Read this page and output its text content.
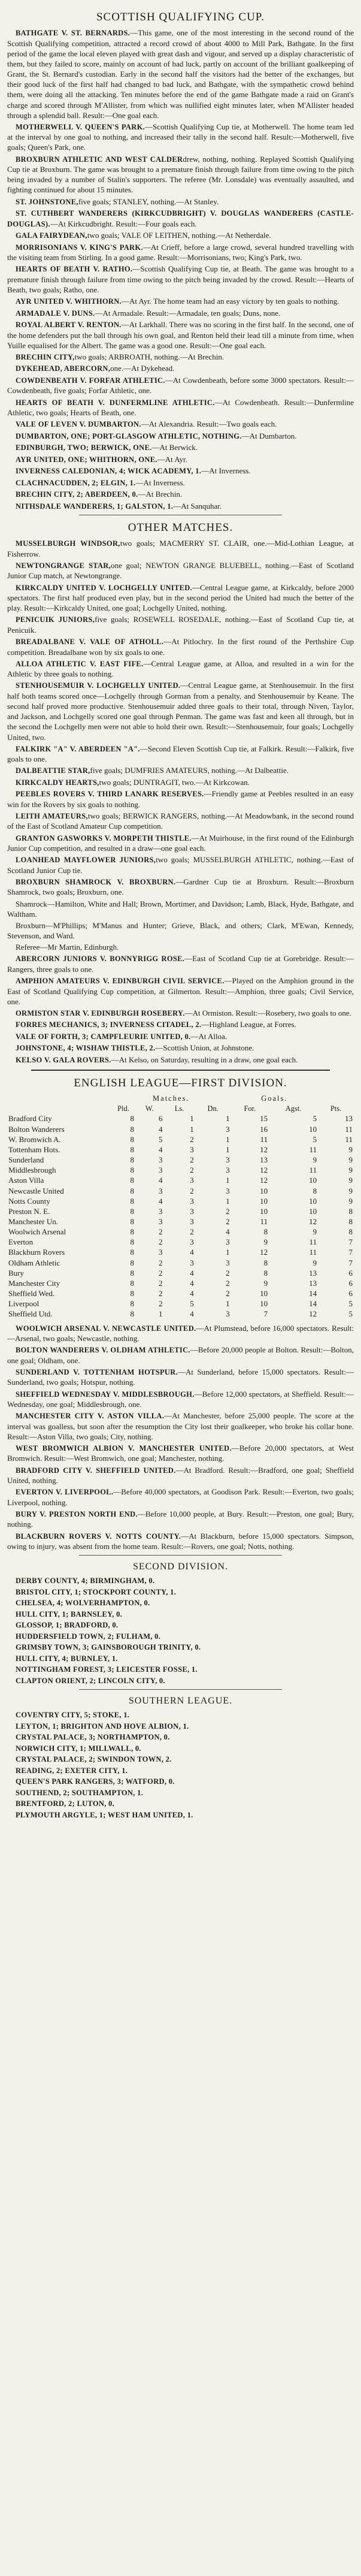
SCOTTISH QUALIFYING CUP.

BATHGATE V. ST. BERNARDS.—This game, one of the most interesting in the second round of the Scottish Qualifying competition, attracted a record crowd of about 4000 to Mill Park, Bathgate. In the first period of the game the local eleven played with great dash and vigour, and served up a display characteristic of them, but they failed to score, mainly on account of bad luck, partly on account of the brilliant goalkeeping of Grant, the St. Bernard's custodian. Early in the second half the visitors had the better of the exchanges, but their good luck of the first half had changed to bad luck, and Bathgate, with the sympathetic crowd behind them, were doing all the attacking. Ten minutes before the end of the game Bathgate made a raid on Grant's charge and scored through M'Allister, from which was nullified eight minutes later, when M'Allister headed through a splendid ball. Result:—One goal each.

MOTHERWELL V. QUEEN'S PARK.—Scottish Qualifying Cup tie, at Motherwell. The home team led at the interval by one goal to nothing, and increased their tally in the second half. Result:—Motherwell, five goals; Queen's Park, one.

BROXBURN ATHLETIC AND WEST CALDERdrew, nothing, nothing. Replayed Scottish Qualifying Cup tie at Broxburn. The game was brought to a premature finish through failure from time owing to the pitch being invaded by a number of Stalin's supporters. The referee (Mr. Lonsdale) was eventually assaulted, and fighting continued for about 15 minutes.

ST. JOHNSTONE,five goals; STANLEY, nothing.—At Stanley.

ST. CUTHBERT WANDERERS (KIRKCUDBRIGHT) V. DOUGLAS WANDERERS (CASTLE-DOUGLAS).—At Kirkcudbright. Result:—Four goals each.

GALA FAIRYDEAN,two goals; VALE OF LEITHEN, nothing.—At Netherdale.

MORRISONIANS V. KING'S PARK.—At Crieff, before a large crowd, several hundred travelling with the visiting team from Stirling. In a good game. Result:—Morrisonians, two; King's Park, two.

HEARTS OF BEATH V. RATHO.—Scottish Qualifying Cup tie, at Beath. The game was brought to a premature finish through failure from time owing to the pitch being invaded by the crowd. Result:—Hearts of Beath, two goals; Ratho, one.

AYR UNITED V. WHITHORN.—At Ayr. The home team had an easy victory by ten goals to nothing.

ARMADALE V. DUNS.—At Armadale. Result:—Armadale, ten goals; Duns, none.

ROYAL ALBERT V. RENTON.—At Larkhall. There was no scoring in the first half. In the second, one of the home defenders put the ball through his own goal, and Renton held their lead till a minute from time, when Yuille equalised for the Albert. The game was a good one. Result:—One goal each.

BRECHIN CITY,two goals; ARBROATH, nothing.—At Brechin.

DYKEHEAD, ABERCORN,one.—At Dykehead.

COWDENBEATH V. FORFAR ATHLETIC.—At Cowdenbeath, before some 3000 spectators. Result:—Cowdenbeath, five goals; Forfar Athletic, one.

HEARTS OF BEATH V. DUNFERMLINE ATHLETIC.—At Cowdenbeath. Result:—Dunfermline Athletic, two goals; Hearts of Beath, one.

VALE OF LEVEN V. DUMBARTON.—At Alexandria. Result:—Two goals each.

DUMBARTON, ONE; PORT-GLASGOW ATHLETIC, NOTHING.—At Dumbarton.

EDINBURGH, TWO; BERWICK, ONE.—At Berwick.

AYR UNITED, ONE; WHITHORN, ONE.—At Ayr.

INVERNESS CALEDONIAN, 4; WICK ACADEMY, 1.—At Inverness.

CLACHNACUDDEN, 2; ELGIN, 1.—At Inverness.

BRECHIN CITY, 2; ABERDEEN, 0.—At Brechin.

NITHSDALE WANDERERS, 1; GALSTON, 1.—At Sanquhar.

OTHER MATCHES.

MUSSELBURGH WINDSOR,two goals; MACMERRY ST. CLAIR, one.—Mid-Lothian League, at Fisherrow.

NEWTONGRANGE STAR,one goal; NEWTON GRANGE BLUEBELL, nothing.—East of Scotland Junior Cup match, at Newtongrange.

KIRKCALDY UNITED V. LOCHGELLY UNITED.—Central League game, at Kirkcaldy, before 2000 spectators. The first half produced even play, but in the second period the United had much the better of the play. Result:—Kirkcaldy United, one goal; Lochgelly United, nothing.

PENICUIK JUNIORS,five goals; ROSEWELL ROSEDALE, nothing.—East of Scotland Cup tie, at Penicuik.

BREADALBANE V. VALE OF ATHOLL.—At Pitlochry. In the first round of the Perthshire Cup competition. Breadalbane won by six goals to one.

ALLOA ATHLETIC V. EAST FIFE.—Central League game, at Alloa, and resulted in a win for the Athletic by three goals to nothing.

STENHOUSEMUIR V. LOCHGELLY UNITED.—Central League game, at Stenhousemuir. In the first half both teams scored once—Lochgelly through Gorman from a penalty, and Stenhousemuir by Keane. The second half proved more productive. Stenhousemuir added three goals to their total, through Niven, Taylor, and Jackson, and Lochgelly scored one goal through Penman. The game was fast and keen all through, but in the second the Lochgelly men were not able to hold their own. Result:—Stenhousemuir, four goals; Lochgelly United, two.

FALKIRK "A" V. ABERDEEN "A".—Second Eleven Scottish Cup tie, at Falkirk. Result:—Falkirk, five goals to one.

DALBEATTIE STAR,five goals; DUMFRIES AMATEURS, nothing.—At Dalbeattie.

KIRKCALDY HEARTS,two goals; DUNTRAGIT, two.—At Kirkcowan.

PEEBLES ROVERS V. THIRD LANARK RESERVES.—Friendly game at Peebles resulted in an easy win for the Rovers by six goals to nothing.

LEITH AMATEURS,two goals; BERWICK RANGERS, nothing.—At Meadowbank, in the second round of the East of Scotland Amateur Cup competition.

GRANTON GASWORKS V. MORPETH THISTLE.—At Muirhouse, in the first round of the Edinburgh Junior Cup competition, and resulted in a draw—one goal each.

LOANHEAD MAYFLOWER JUNIORS,two goals; MUSSELBURGH ATHLETIC, nothing.—East of Scotland Junior Cup tie.

BROXBURN SHAMROCK V. BROXBURN.—Gardner Cup tie at Broxburn. Result:—Broxburn Shamrock, two goals; Broxburn, one.

Shamrock—Hamilton, White and Hall; Brown, Mortimer, and Davidson; Lamb, Black, Hyde, Bathgate, and Waltham.

Broxburn—M'Phillips; M'Manus and Hunter; Grieve, Black, and others; Clark, M'Ewan, Kennedy, Stevenson, and Ward.

Referee—Mr Martin, Edinburgh.

ABERCORN JUNIORS V. BONNYRIGG ROSE.—East of Scotland Cup tie at Gorebridge. Result:—Rangers, three goals to one.

AMPHION AMATEURS V. EDINBURGH CIVIL SERVICE.—Played on the Amphion ground in the East of Scotland Qualifying Cup competition, at Gilmerton. Result:—Amphion, three goals; Civil Service, one.

ORMISTON STAR V. EDINBURGH ROSEBERY.—At Ormiston. Result:—Rosebery, two goals to one.

FORRES MECHANICS, 3; INVERNESS CITADEL, 2.—Highland League, at Forres.

VALE OF FORTH, 3; CAMPFLEURIE UNITED, 0.—At Alloa.

JOHNSTONE, 4; WISHAW THISTLE, 2.—Scottish Union, at Johnstone.

KELSO V. GALA ROVERS.—At Kelso, on Saturday, resulting in a draw, one goal each.

ENGLISH LEAGUE—FIRST DIVISION.
	Matches.				Goals.		
	Pld.	W.	Ls.	Dn.	For.	Agst.	Pts.
Bradford City	8	6	1	1	15	5	13
Bolton Wanderers	8	4	1	3	16	10	11
W. Bromwich A.	8	5	2	1	11	5	11
Tottenham Hots.	8	4	3	1	12	11	9
Sunderland	8	3	2	3	13	9	9
Middlesbrough	8	3	2	3	12	11	9
Aston Villa	8	4	3	1	12	10	9
Newcastle United	8	3	2	3	10	8	9
Notts County	8	4	3	1	10	10	9
Preston N. E.	8	3	3	2	10	10	8
Manchester Un.	8	3	3	2	11	12	8
Woolwich Arsenal	8	2	2	4	8	9	8
Everton	8	2	3	3	9	11	7
Blackburn Rovers	8	3	4	1	12	11	7
Oldham Athletic	8	2	3	3	8	9	7
Bury	8	2	4	2	8	13	6
Manchester City	8	2	4	2	9	13	6
Sheffield Wed.	8	2	4	2	10	14	6
Liverpool	8	2	5	1	10	14	5
Sheffield Utd.	8	1	4	3	7	12	5

WOOLWICH ARSENAL V. NEWCASTLE UNITED.—At Plumstead, before 16,000 spectators. Result:—Arsenal, two goals; Newcastle, nothing.

BOLTON WANDERERS V. OLDHAM ATHLETIC.—Before 20,000 people at Bolton. Result:—Bolton, one goal; Oldham, one.

SUNDERLAND V. TOTTENHAM HOTSPUR.—At Sunderland, before 15,000 spectators. Result:—Sunderland, two goals; Hotspur, nothing.

SHEFFIELD WEDNESDAY V. MIDDLESBROUGH.—Before 12,000 spectators, at Sheffield. Result:—Wednesday, one goal; Middlesbrough, one.

MANCHESTER CITY V. ASTON VILLA.—At Manchester, before 25,000 people. The score at the interval was goalless, but soon after the resumption the City lost their goalkeeper, who broke his collar bone. Result:—Aston Villa, two goals; City, nothing.

WEST BROMWICH ALBION V. MANCHESTER UNITED.—Before 20,000 spectators, at West Bromwich. Result:—West Bromwich, one goal; Manchester, nothing.

BRADFORD CITY V. SHEFFIELD UNITED.—At Bradford. Result:—Bradford, one goal; Sheffield United, nothing.

EVERTON V. LIVERPOOL.—Before 40,000 spectators, at Goodison Park. Result:—Everton, two goals; Liverpool, nothing.

BURY V. PRESTON NORTH END.—Before 10,000 people, at Bury. Result:—Preston, one goal; Bury, nothing.

BLACKBURN ROVERS V. NOTTS COUNTY.—At Blackburn, before 15,000 spectators. Simpson, owing to injury, was absent from the home team. Result:—Rovers, one goal; Notts, nothing.

SECOND DIVISION.

DERBY COUNTY, 4; BIRMINGHAM, 0.

BRISTOL CITY, 1; STOCKPORT COUNTY, 1.

CHELSEA, 4; WOLVERHAMPTON, 0.

HULL CITY, 1; BARNSLEY, 0.

GLOSSOP, 1; BRADFORD, 0.

HUDDERSFIELD TOWN, 2; FULHAM, 0.

GRIMSBY TOWN, 3; GAINSBOROUGH TRINITY, 0.

HULL CITY, 4; BURNLEY, 1.

NOTTINGHAM FOREST, 3; LEICESTER FOSSE, 1.

CLAPTON ORIENT, 2; LINCOLN CITY, 0.

SOUTHERN LEAGUE.

COVENTRY CITY, 5; STOKE, 1.

LEYTON, 1; BRIGHTON AND HOVE ALBION, 1.

CRYSTAL PALACE, 3; NORTHAMPTON, 0.

NORWICH CITY, 1; MILLWALL, 0.

CRYSTAL PALACE, 2; SWINDON TOWN, 2.

READING, 2; EXETER CITY, 1.

QUEEN'S PARK RANGERS, 3; WATFORD, 0.

SOUTHEND, 2; SOUTHAMPTON, 1.

BRENTFORD, 2; LUTON, 0.

PLYMOUTH ARGYLE, 1; WEST HAM UNITED, 1.
